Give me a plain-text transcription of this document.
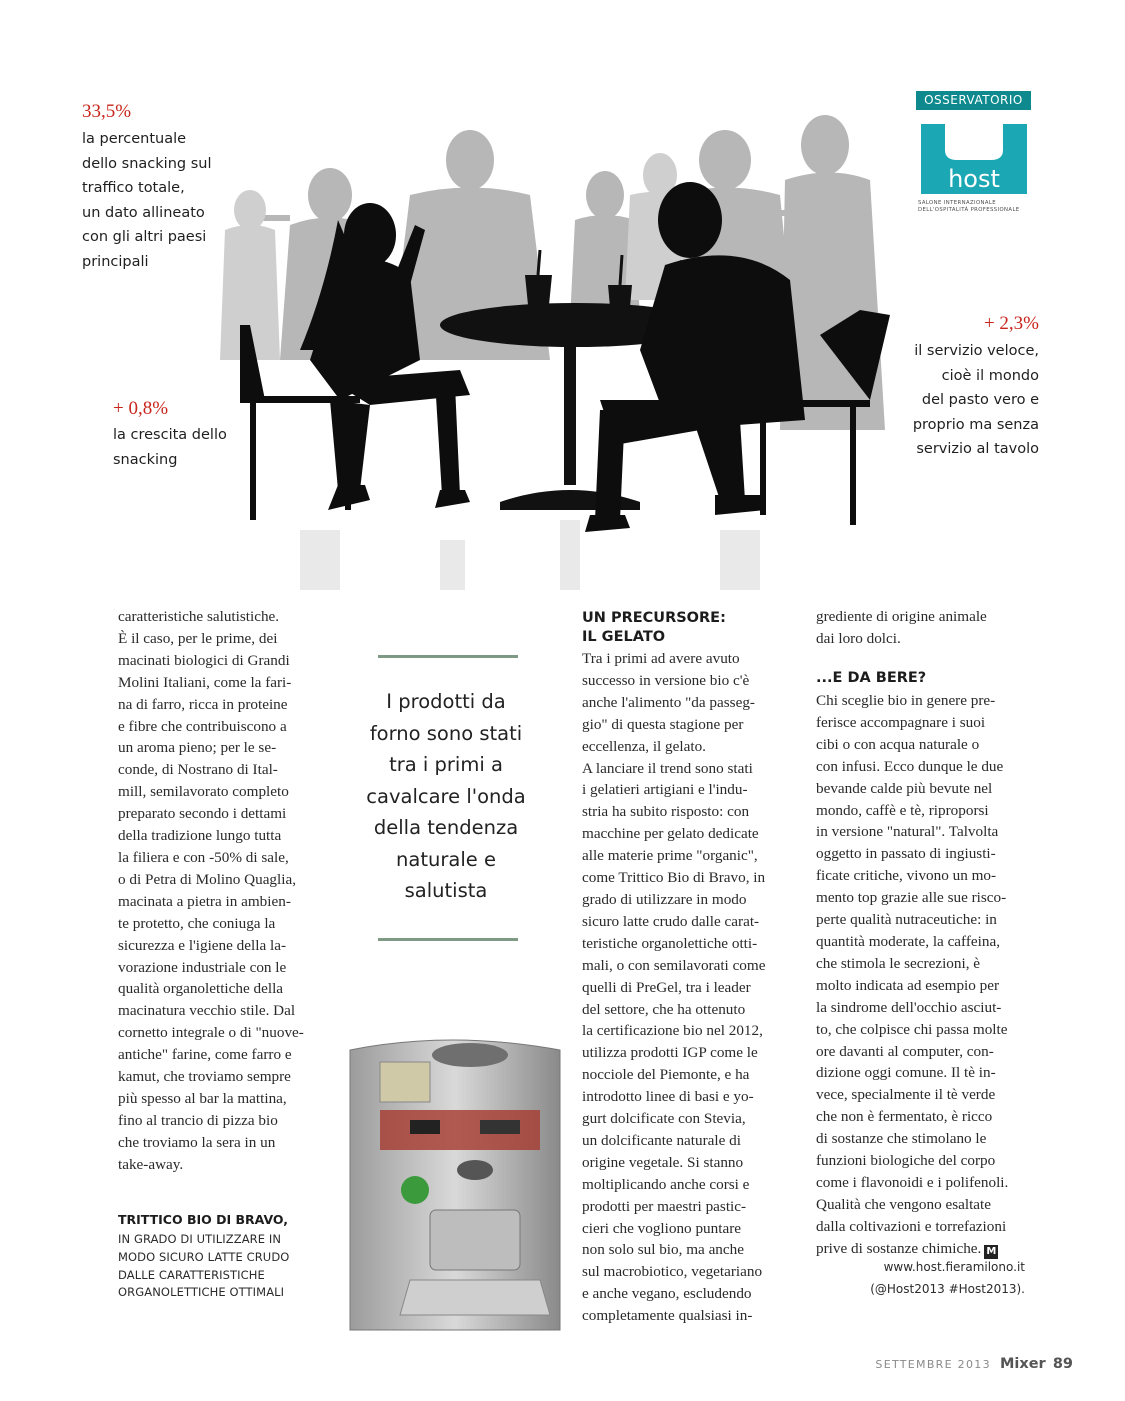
33,5%
la percentuale
dello snacking sul
traffico totale,
un dato allineato
con gli altri paesi
principali
+ 0,8%
la crescita dello
snacking
+ 2,3%
il servizio veloce,
cioè il mondo
del pasto vero e
proprio ma senza
servizio al tavolo
OSSERVATORIO
host
SALONE INTERNAZIONALE
DELL'OSPITALITÀ PROFESSIONALE
caratteristiche salutistiche.
È il caso, per le prime, dei
macinati biologici di Grandi
Molini Italiani, come la fari-
na di farro, ricca in proteine
e fibre che contribuiscono a
un aroma pieno; per le se-
conde, di Nostrano di Ital-
mill, semilavorato completo
preparato secondo i dettami
della tradizione lungo tutta
la filiera e con -50% di sale,
o di Petra di Molino Quaglia,
macinata a pietra in ambien-
te protetto, che coniuga la
sicurezza e l'igiene della la-
vorazione industriale con le
qualità organolettiche della
macinatura vecchio stile. Dal
cornetto integrale o di "nuove-
antiche" farine, come farro e
kamut, che troviamo sempre
più spesso al bar la mattina,
fino al trancio di pizza bio
che troviamo la sera in un
take-away.
I prodotti da
forno sono stati
tra i primi a
cavalcare l'onda
della tendenza
naturale e
salutista
TRITTICO BIO DI BRAVO,
IN GRADO DI UTILIZZARE IN
MODO SICURO LATTE CRUDO
DALLE CARATTERISTICHE
ORGANOLETTICHE OTTIMALI
UN PRECURSORE:
IL GELATO
Tra i primi ad avere avuto
successo in versione bio c'è
anche l'alimento "da passeg-
gio" di questa stagione per
eccellenza, il gelato.
A lanciare il trend sono stati
i gelatieri artigiani e l'indu-
stria ha subito risposto: con
macchine per gelato dedicate
alle materie prime "organic",
come Trittico Bio di Bravo, in
grado di utilizzare in modo
sicuro latte crudo dalle carat-
teristiche organolettiche otti-
mali, o con semilavorati come
quelli di PreGel, tra i leader
del settore, che ha ottenuto
la certificazione bio nel 2012,
utilizza prodotti IGP come le
nocciole del Piemonte, e ha
introdotto linee di basi e yo-
gurt dolcificate con Stevia,
un dolcificante naturale di
origine vegetale. Si stanno
moltiplicando anche corsi e
prodotti per maestri pastic-
cieri che vogliono puntare
non solo sul bio, ma anche
sul macrobiotico, vegetariano
e anche vegano, escludendo
completamente qualsiasi in-
grediente di origine animale
dai loro dolci.
...E DA BERE?
Chi sceglie bio in genere pre-
ferisce accompagnare i suoi
cibi o con acqua naturale o
con infusi. Ecco dunque le due
bevande calde più bevute nel
mondo, caffè e tè, riproporsi
in versione "natural". Talvolta
oggetto in passato di ingiusti-
ficate critiche, vivono un mo-
mento top grazie alle sue risco-
perte qualità nutraceutiche: in
quantità moderate, la caffeina,
che stimola le secrezioni, è
molto indicata ad esempio per
la sindrome dell'occhio asciut-
to, che colpisce chi passa molte
ore davanti al computer, con-
dizione oggi comune. Il tè in-
vece, specialmente il tè verde
che non è fermentato, è ricco
di sostanze che stimolano le
funzioni biologiche del corpo
come i flavonoidi e i polifenoli.
Qualità che vengono esaltate
dalla coltivazioni e torrefazioni
prive di sostanze chimiche. M
www.host.fieramilono.it
(@Host2013 #Host2013).
SETTEMBRE 2013 Mixer 89
